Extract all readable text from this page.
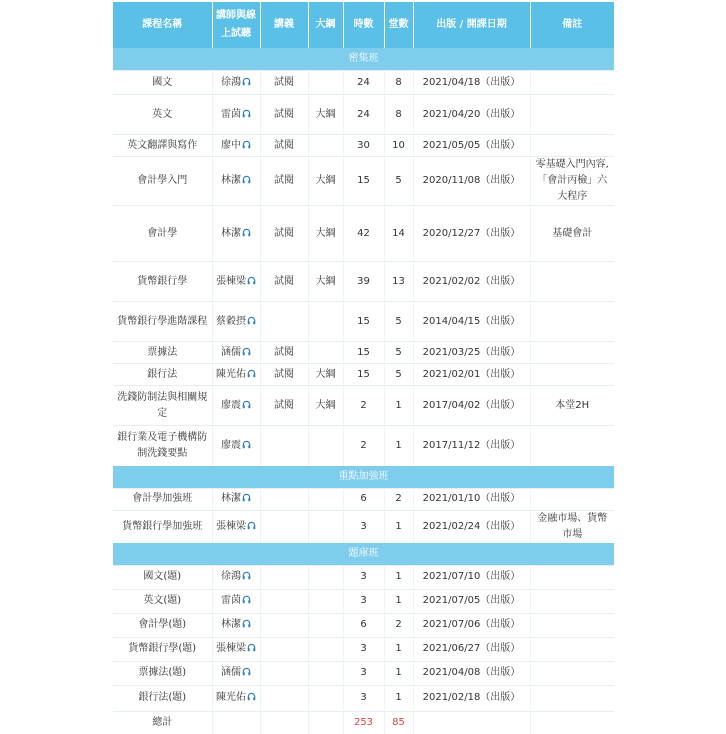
課程名稱	講師與線上試聽	講義	大綱	時數	堂數	出版 / 開課日期	備註
密集班							
國文	徐鴻	試閱		24	8	2021/04/18（出版）	
英文	雷茵	試閱	大綱	24	8	2021/04/20（出版）	
英文翻譯與寫作	廖中	試閱		30	10	2021/05/05（出版）	
會計學入門	林潔	試閱	大綱	15	5	2020/11/08（出版）	零基礎入門內容,「會計丙檢」六大程序
會計學	林潔	試閱	大綱	42	14	2020/12/27（出版）	基礎會計
貨幣銀行學	張棟梁	試閱	大綱	39	13	2021/02/02（出版）	
貨幣銀行學進階課程	蔡穀摂			15	5	2014/04/15（出版）	
票據法	涵儒	試閱		15	5	2021/03/25（出版）	
銀行法	陳光佑	試閱	大綱	15	5	2021/02/01（出版）	
洗錢防制法與相關規定	廖震	試閱	大綱	2	1	2017/04/02（出版）	本堂2H
銀行業及電子機構防制洗錢要點	廖震			2	1	2017/11/12（出版）	
重點加強班							
會計學加強班	林潔			6	2	2021/01/10（出版）	
貨幣銀行學加強班	張棟梁			3	1	2021/02/24（出版）	金融市場、貨幣市場
題庫班							
國文(題)	徐鴻			3	1	2021/07/10（出版）	
英文(題)	雷茵			3	1	2021/07/05（出版）	
會計學(題)	林潔			6	2	2021/07/06（出版）	
貨幣銀行學(題)	張棟梁			3	1	2021/06/27（出版）	
票據法(題)	涵儒			3	1	2021/04/08（出版）	
銀行法(題)	陳光佑			3	1	2021/02/18（出版）	
總計				253	85		
